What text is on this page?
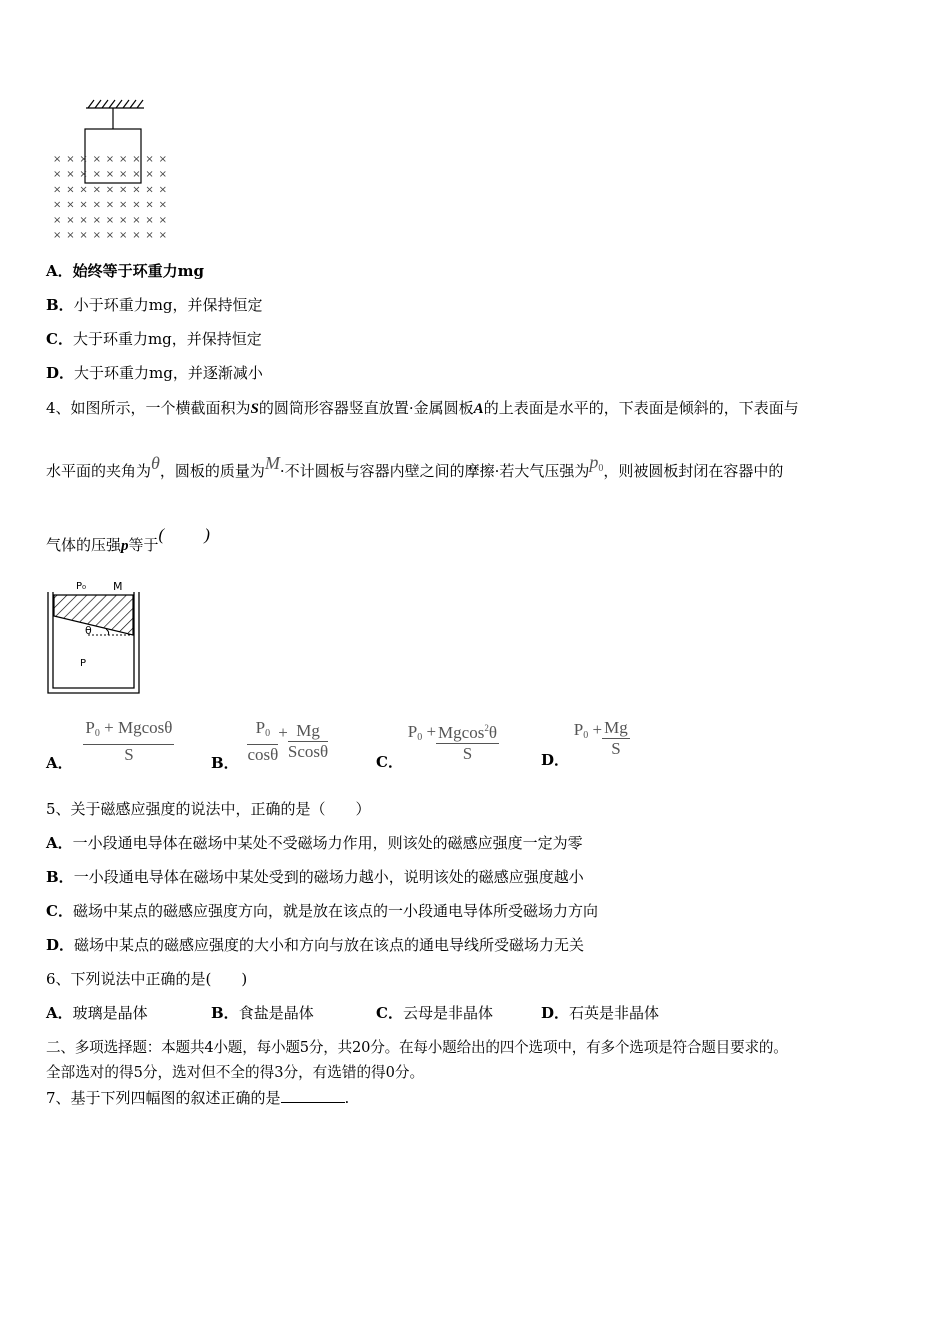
× × × × × × × × ×
× × × × × × × × ×
× × × × × × × × ×
× × × × × × × × ×
× × × × × × × × ×
× × × × × × × × ×
A．始终等于环重力mg
B．小于环重力mg，并保持恒定
C．大于环重力mg，并保持恒定
D．大于环重力mg，并逐渐减小
4、如图所示，一个横截面积为S的圆筒形容器竖直放置·金属圆板A的上表面是水平的，下表面是倾斜的，下表面与
水平面的夹角为θ，圆板的质量为M·不计圆板与容器内壁之间的摩擦·若大气压强为$p_0$，则被圆板封闭在容器中的
气体的压强p等于( )
P₀ M
θ
P
A． $\frac{P_0 + Mgcos\theta}{S}$ B． $\frac{P_0}{\cos\theta} + \frac{Mg}{Scos\theta}$	C． $P_0 + \frac{Mgcos^2\theta}{S}$	D． $P_0 + \frac{Mg}{S}$
5、关于磁感应强度的说法中，正确的是（　　）
A．一小段通电导体在磁场中某处不受磁场力作用，则该处的磁感应强度一定为零
B．一小段通电导体在磁场中某处受到的磁场力越小，说明该处的磁感应强度越小
C．磁场中某点的磁感应强度方向，就是放在该点的一小段通电导体所受磁场力方向
D．磁场中某点的磁感应强度的大小和方向与放在该点的通电导线所受磁场力无关
6、下列说法中正确的是(　　)
A．玻璃是晶体	B．食盐是晶体	C．云母是非晶体	D．石英是非晶体
二、多项选择题：本题共4小题，每小题5分，共20分。在每小题给出的四个选项中，有多个选项是符合题目要求的。
全部选对的得5分，选对但不全的得3分，有选错的得0分。
7、基于下列四幅图的叙述正确的是	.
